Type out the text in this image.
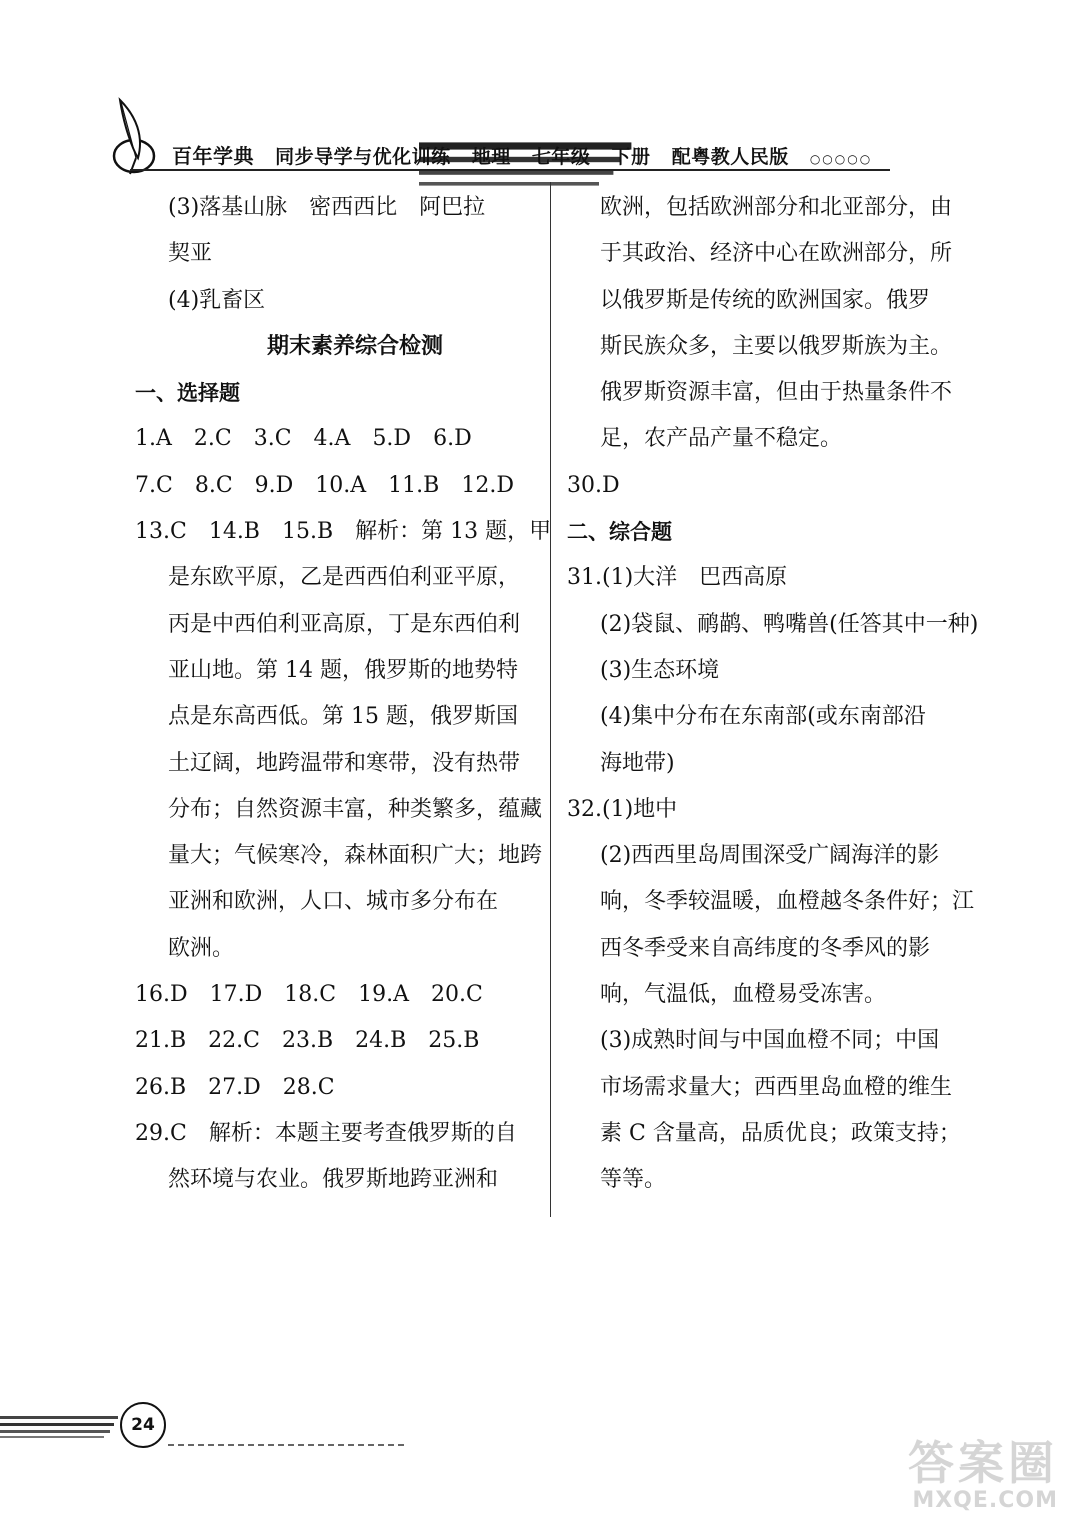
百年学典 同步导学与优化训练 地理 七年级 下册 配粤教人民版 ○○○○○
(3)落基山脉　密西西比　阿巴拉
契亚
(4)乳畜区
期末素养综合检测
一、选择题
1.A 2.C 3.C 4.A 5.D 6.D
7.C 8.C 9.D 10.A 11.B 12.D
13.C　14.B　15.B　解析：第 13 题，甲
是东欧平原，乙是西西伯利亚平原，
丙是中西伯利亚高原，丁是东西伯利
亚山地。第 14 题，俄罗斯的地势特
点是东高西低。第 15 题，俄罗斯国
土辽阔，地跨温带和寒带，没有热带
分布；自然资源丰富，种类繁多，蕴藏
量大；气候寒冷，森林面积广大；地跨
亚洲和欧洲，人口、城市多分布在
欧洲。
16.D 17.D 18.C 19.A 20.C
21.B 22.C 23.B 24.B 25.B
26.B 27.D 28.C
29.C　解析：本题主要考查俄罗斯的自
然环境与农业。俄罗斯地跨亚洲和
欧洲，包括欧洲部分和北亚部分，由
于其政治、经济中心在欧洲部分，所
以俄罗斯是传统的欧洲国家。俄罗
斯民族众多，主要以俄罗斯族为主。
俄罗斯资源丰富，但由于热量条件不
足，农产品产量不稳定。
30.D
二、综合题
31.(1)大洋　巴西高原
(2)袋鼠、鸸鹋、鸭嘴兽(任答其中一种)
(3)生态环境
(4)集中分布在东南部(或东南部沿
海地带)
32.(1)地中
(2)西西里岛周围深受广阔海洋的影
响，冬季较温暖，血橙越冬条件好；江
西冬季受来自高纬度的冬季风的影
响，气温低，血橙易受冻害。
(3)成熟时间与中国血橙不同；中国
市场需求量大；西西里岛血橙的维生
素 C 含量高，品质优良；政策支持；
等等。
24
答案圈
MXQE.COM
